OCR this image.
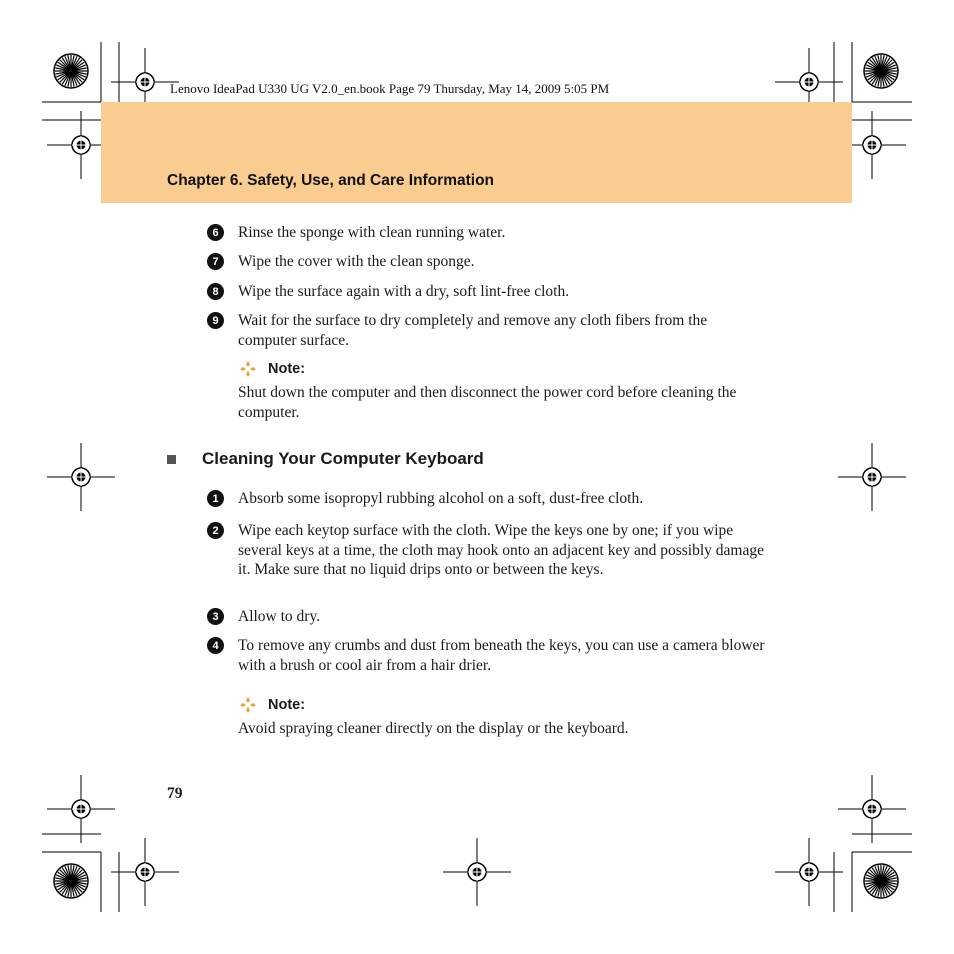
Lenovo IdeaPad U330 UG V2.0_en.book Page 79 Thursday, May 14, 2009 5:05 PM
Chapter 6. Safety, Use, and Care Information
6	Rinse the sponge with clean running water.
7	Wipe the cover with the clean sponge.
8	Wipe the surface again with a dry, soft lint-free cloth.
9	Wait for the surface to dry completely and remove any cloth fibers from the computer surface.
Note:
Shut down the computer and then disconnect the power cord before cleaning the computer.
Cleaning Your Computer Keyboard
1	Absorb some isopropyl rubbing alcohol on a soft, dust-free cloth.
2	Wipe each keytop surface with the cloth. Wipe the keys one by one; if you wipe several keys at a time, the cloth may hook onto an adjacent key and possibly damage it. Make sure that no liquid drips onto or between the keys.
3	Allow to dry.
4	To remove any crumbs and dust from beneath the keys, you can use a camera blower with a brush or cool air from a hair drier.
Note:
Avoid spraying cleaner directly on the display or the keyboard.
79
